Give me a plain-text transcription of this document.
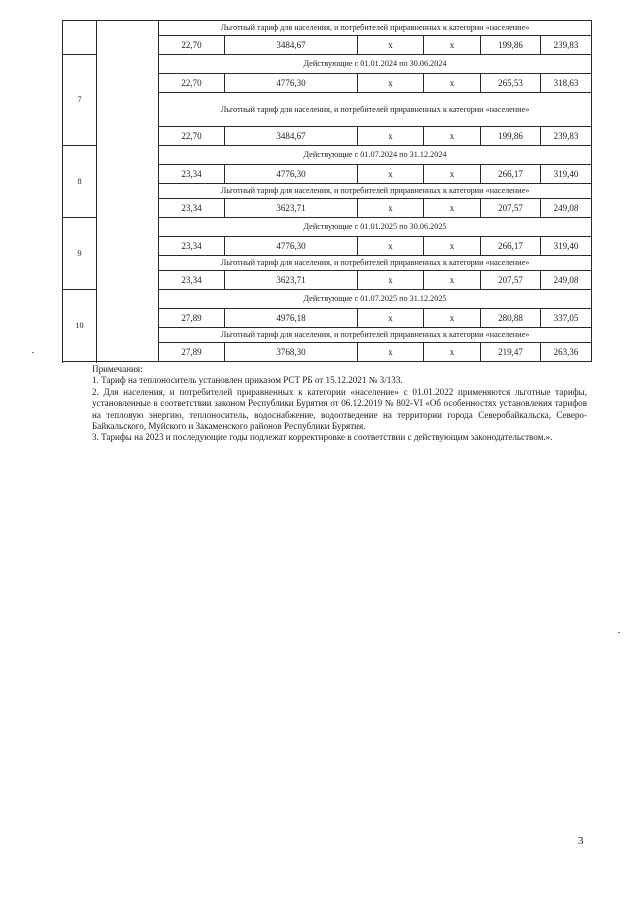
		Льготный тариф для населения, и потребителей приравненных к категории «население»					
		22,70	3484,67	х	х	199,86	239,83
7		Действующие с 01.01.2024 по 30.06.2024					
		22,70	4776,30	х	х	265,53	318,63
		Льготный тариф для населения, и потребителей приравненных к категории «население»					
		22,70	3484,67	х	х	199,86	239,83

8		Действующие с 01.07.2024 по 31.12.2024					
		23,34	4776,30	х	х	266,17	319,40
		Льготный тариф для населения, и потребителей приравненных к категории «население»					
		23,34	3623,71	х	х	207,57	249,08

9		Действующие с 01.01.2025 по 30.06.2025					
		23,34	4776,30	х	х	266,17	319,40
		Льготный тариф для населения, и потребителей приравненных к категории «население»					
		23,34	3623,71	х	х	207,57	249,08

10		Действующие с 01.07.2025 по 31.12.2025					
		27,89	4976,18	х	х	280,88	337,05
		Льготный тариф для населения, и потребителей приравненных к категории «население»					
		27,89	3768,30	х	х	219,47	263,36

Примечания:

1. Тариф на теплоноситель установлен приказом РСТ РБ от 15.12.2021 № 3/133.

2. Для населения, и потребителей приравненных к категории «население» с 01.01.2022 применяются льготные тарифы, установленные в соответствии законом Республики Бурятия от 06.12.2019 № 802-VI «Об особенностях установления тарифов на тепловую энергию, теплоноситель, водоснабжение, водоотведение на территории города Северобайкальска, Северо-Байкальского, Муйского и Закаменского районов Республики Бурятия.

3. Тарифы на 2023 и последующие годы подлежат корректировке в соответствии с действующим законодательством.».

3
